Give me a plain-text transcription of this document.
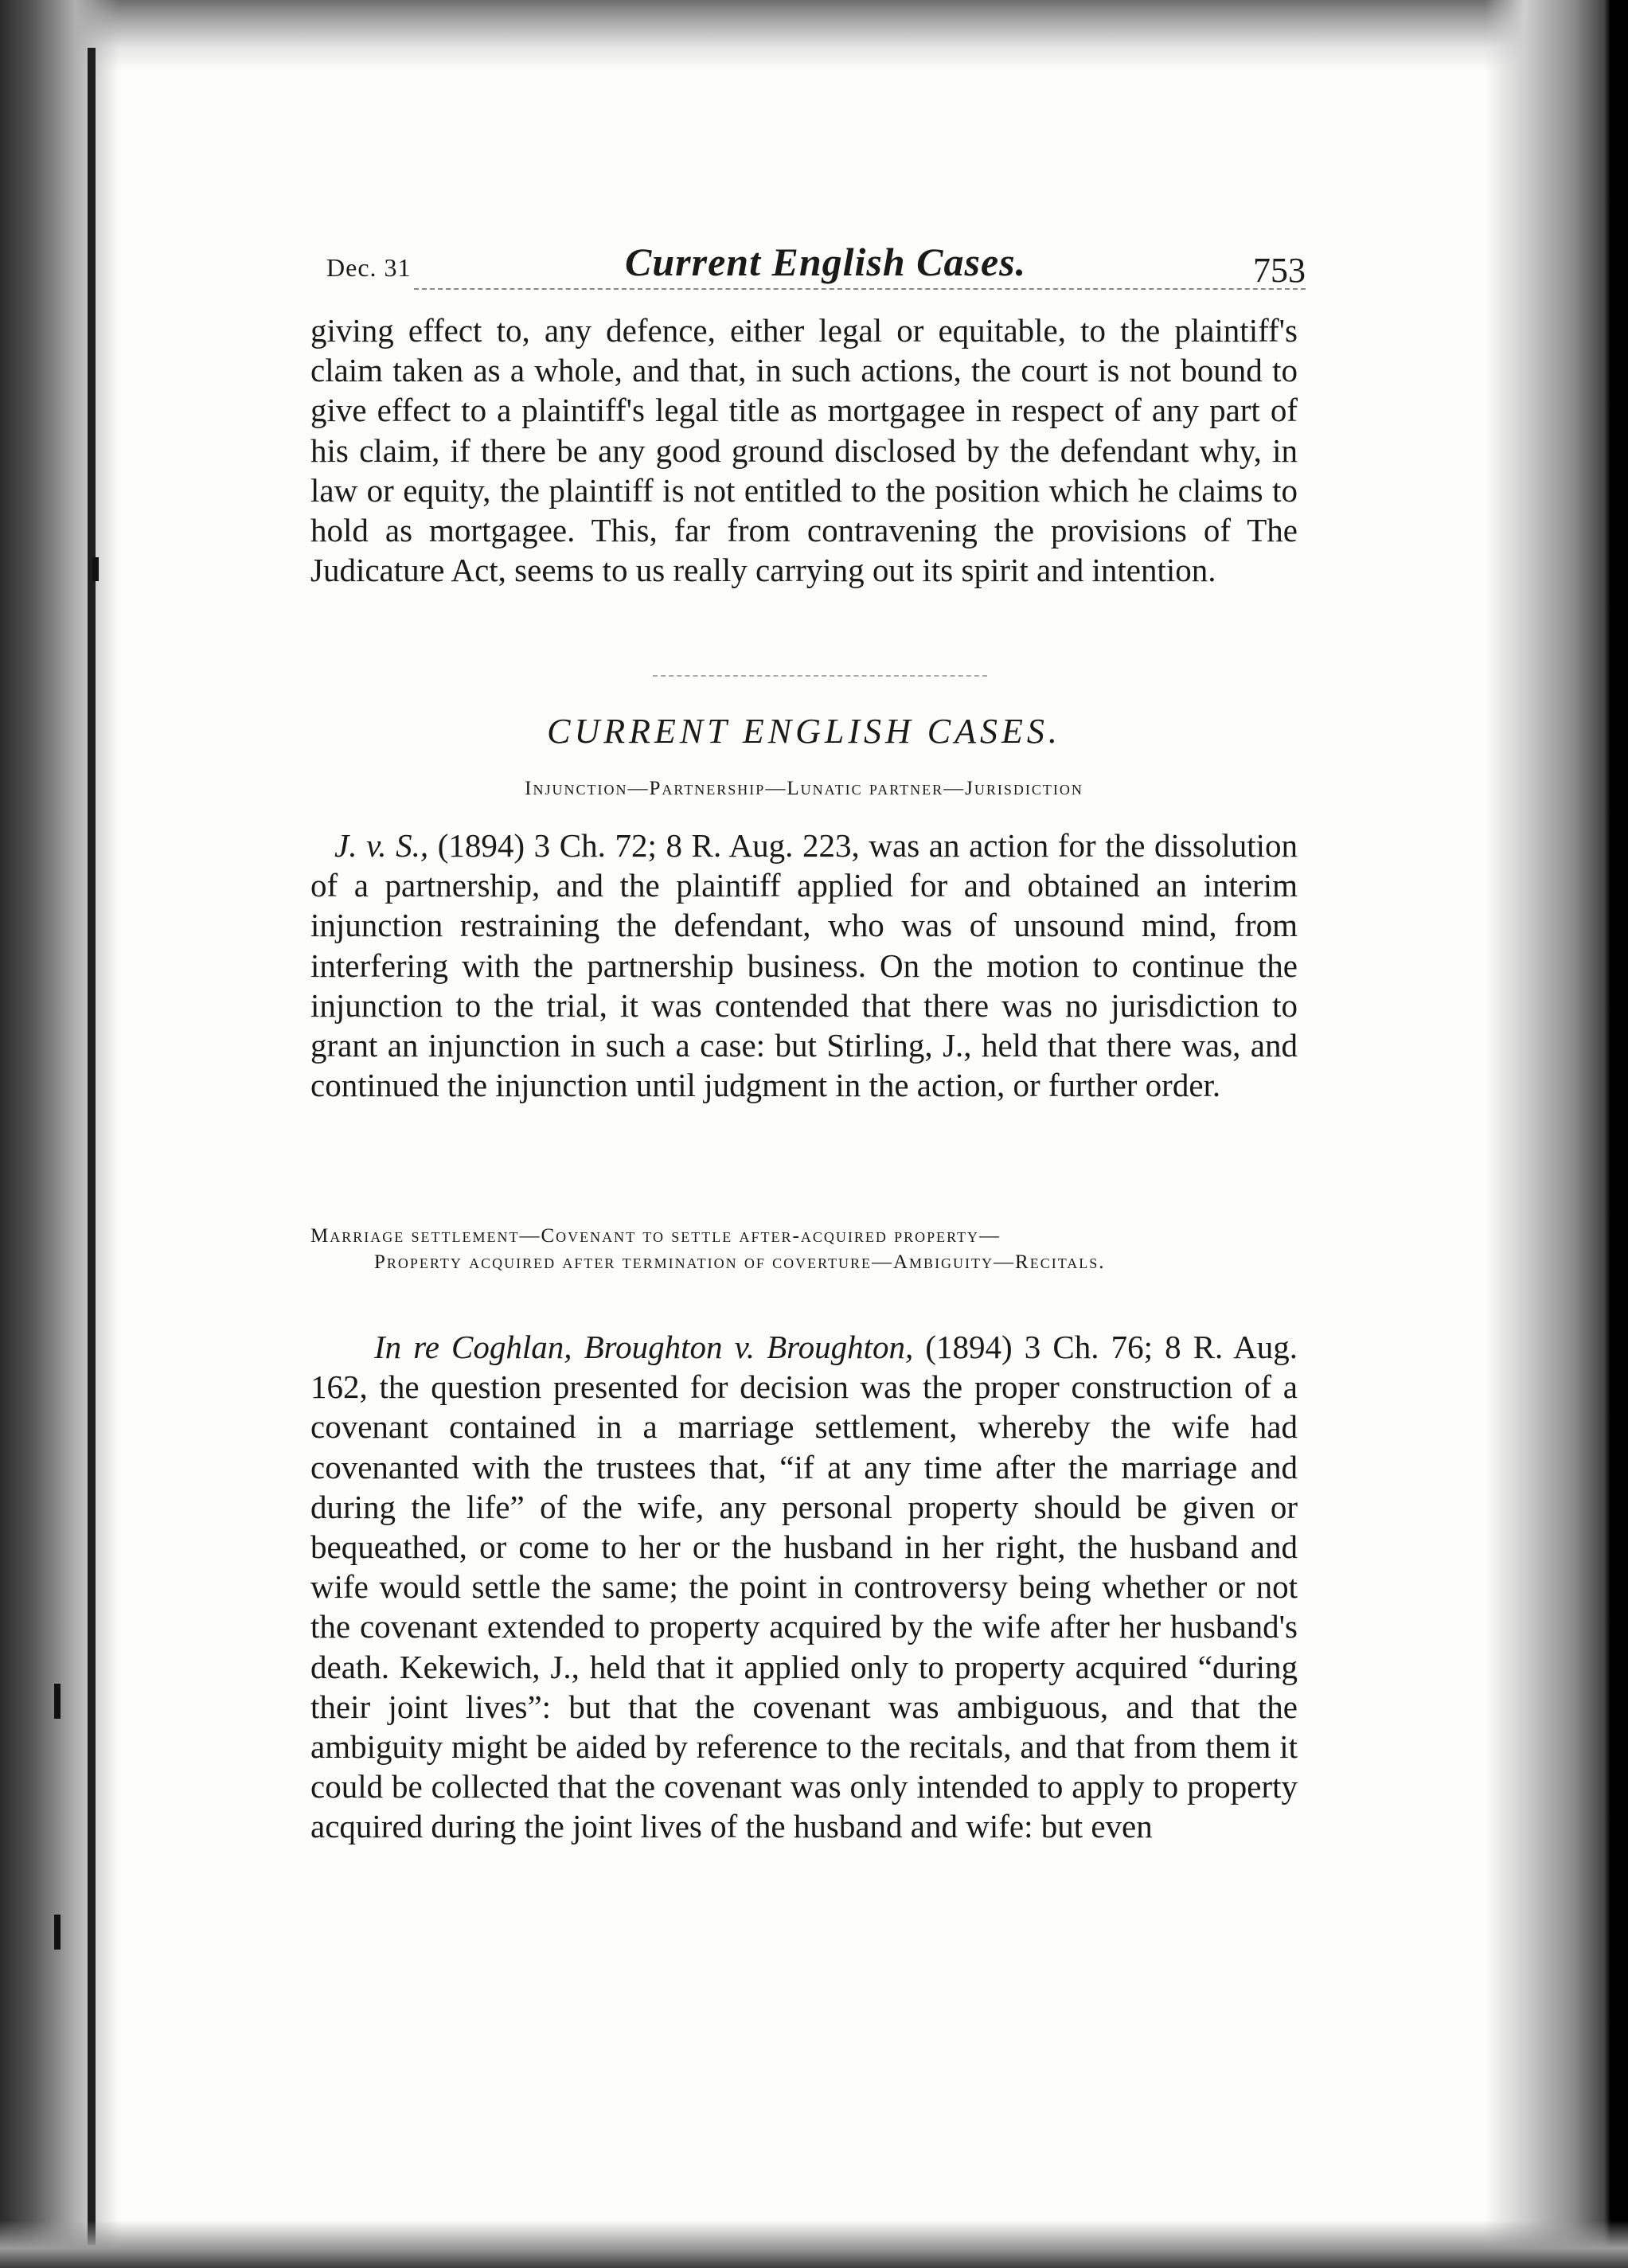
Dec. 31	Current English Cases.	753

giving effect to, any defence, either legal or equitable, to the plaintiff's claim taken as a whole, and that, in such actions, the court is not bound to give effect to a plaintiff's legal title as mortgagee in respect of any part of his claim, if there be any good ground disclosed by the defendant why, in law or equity, the plaintiff is not entitled to the position which he claims to hold as mortgagee. This, far from contravening the provisions of The Judicature Act, seems to us really carrying out its spirit and intention.

CURRENT ENGLISH CASES.
Injunction—Partnership—Lunatic partner—Jurisdiction

J. v. S., (1894) 3 Ch. 72; 8 R. Aug. 223, was an action for the dissolution of a partnership, and the plaintiff applied for and obtained an interim injunction restraining the defendant, who was of unsound mind, from interfering with the partnership business. On the motion to continue the injunction to the trial, it was contended that there was no jurisdiction to grant an injunction in such a case: but Stirling, J., held that there was, and continued the injunction until judgment in the action, or further order.

Marriage settlement—Covenant to settle after-acquired property—
Property acquired after termination of coverture—Ambiguity—Recitals.

In re Coghlan, Broughton v. Broughton, (1894) 3 Ch. 76; 8 R. Aug. 162, the question presented for decision was the proper construction of a covenant contained in a marriage settlement, whereby the wife had covenanted with the trustees that, “if at any time after the marriage and during the life” of the wife, any personal property should be given or bequeathed, or come to her or the husband in her right, the husband and wife would settle the same; the point in controversy being whether or not the covenant extended to property acquired by the wife after her husband's death. Kekewich, J., held that it applied only to property acquired “during their joint lives”: but that the covenant was ambiguous, and that the ambiguity might be aided by reference to the recitals, and that from them it could be collected that the covenant was only intended to apply to property acquired during the joint lives of the husband and wife: but even
